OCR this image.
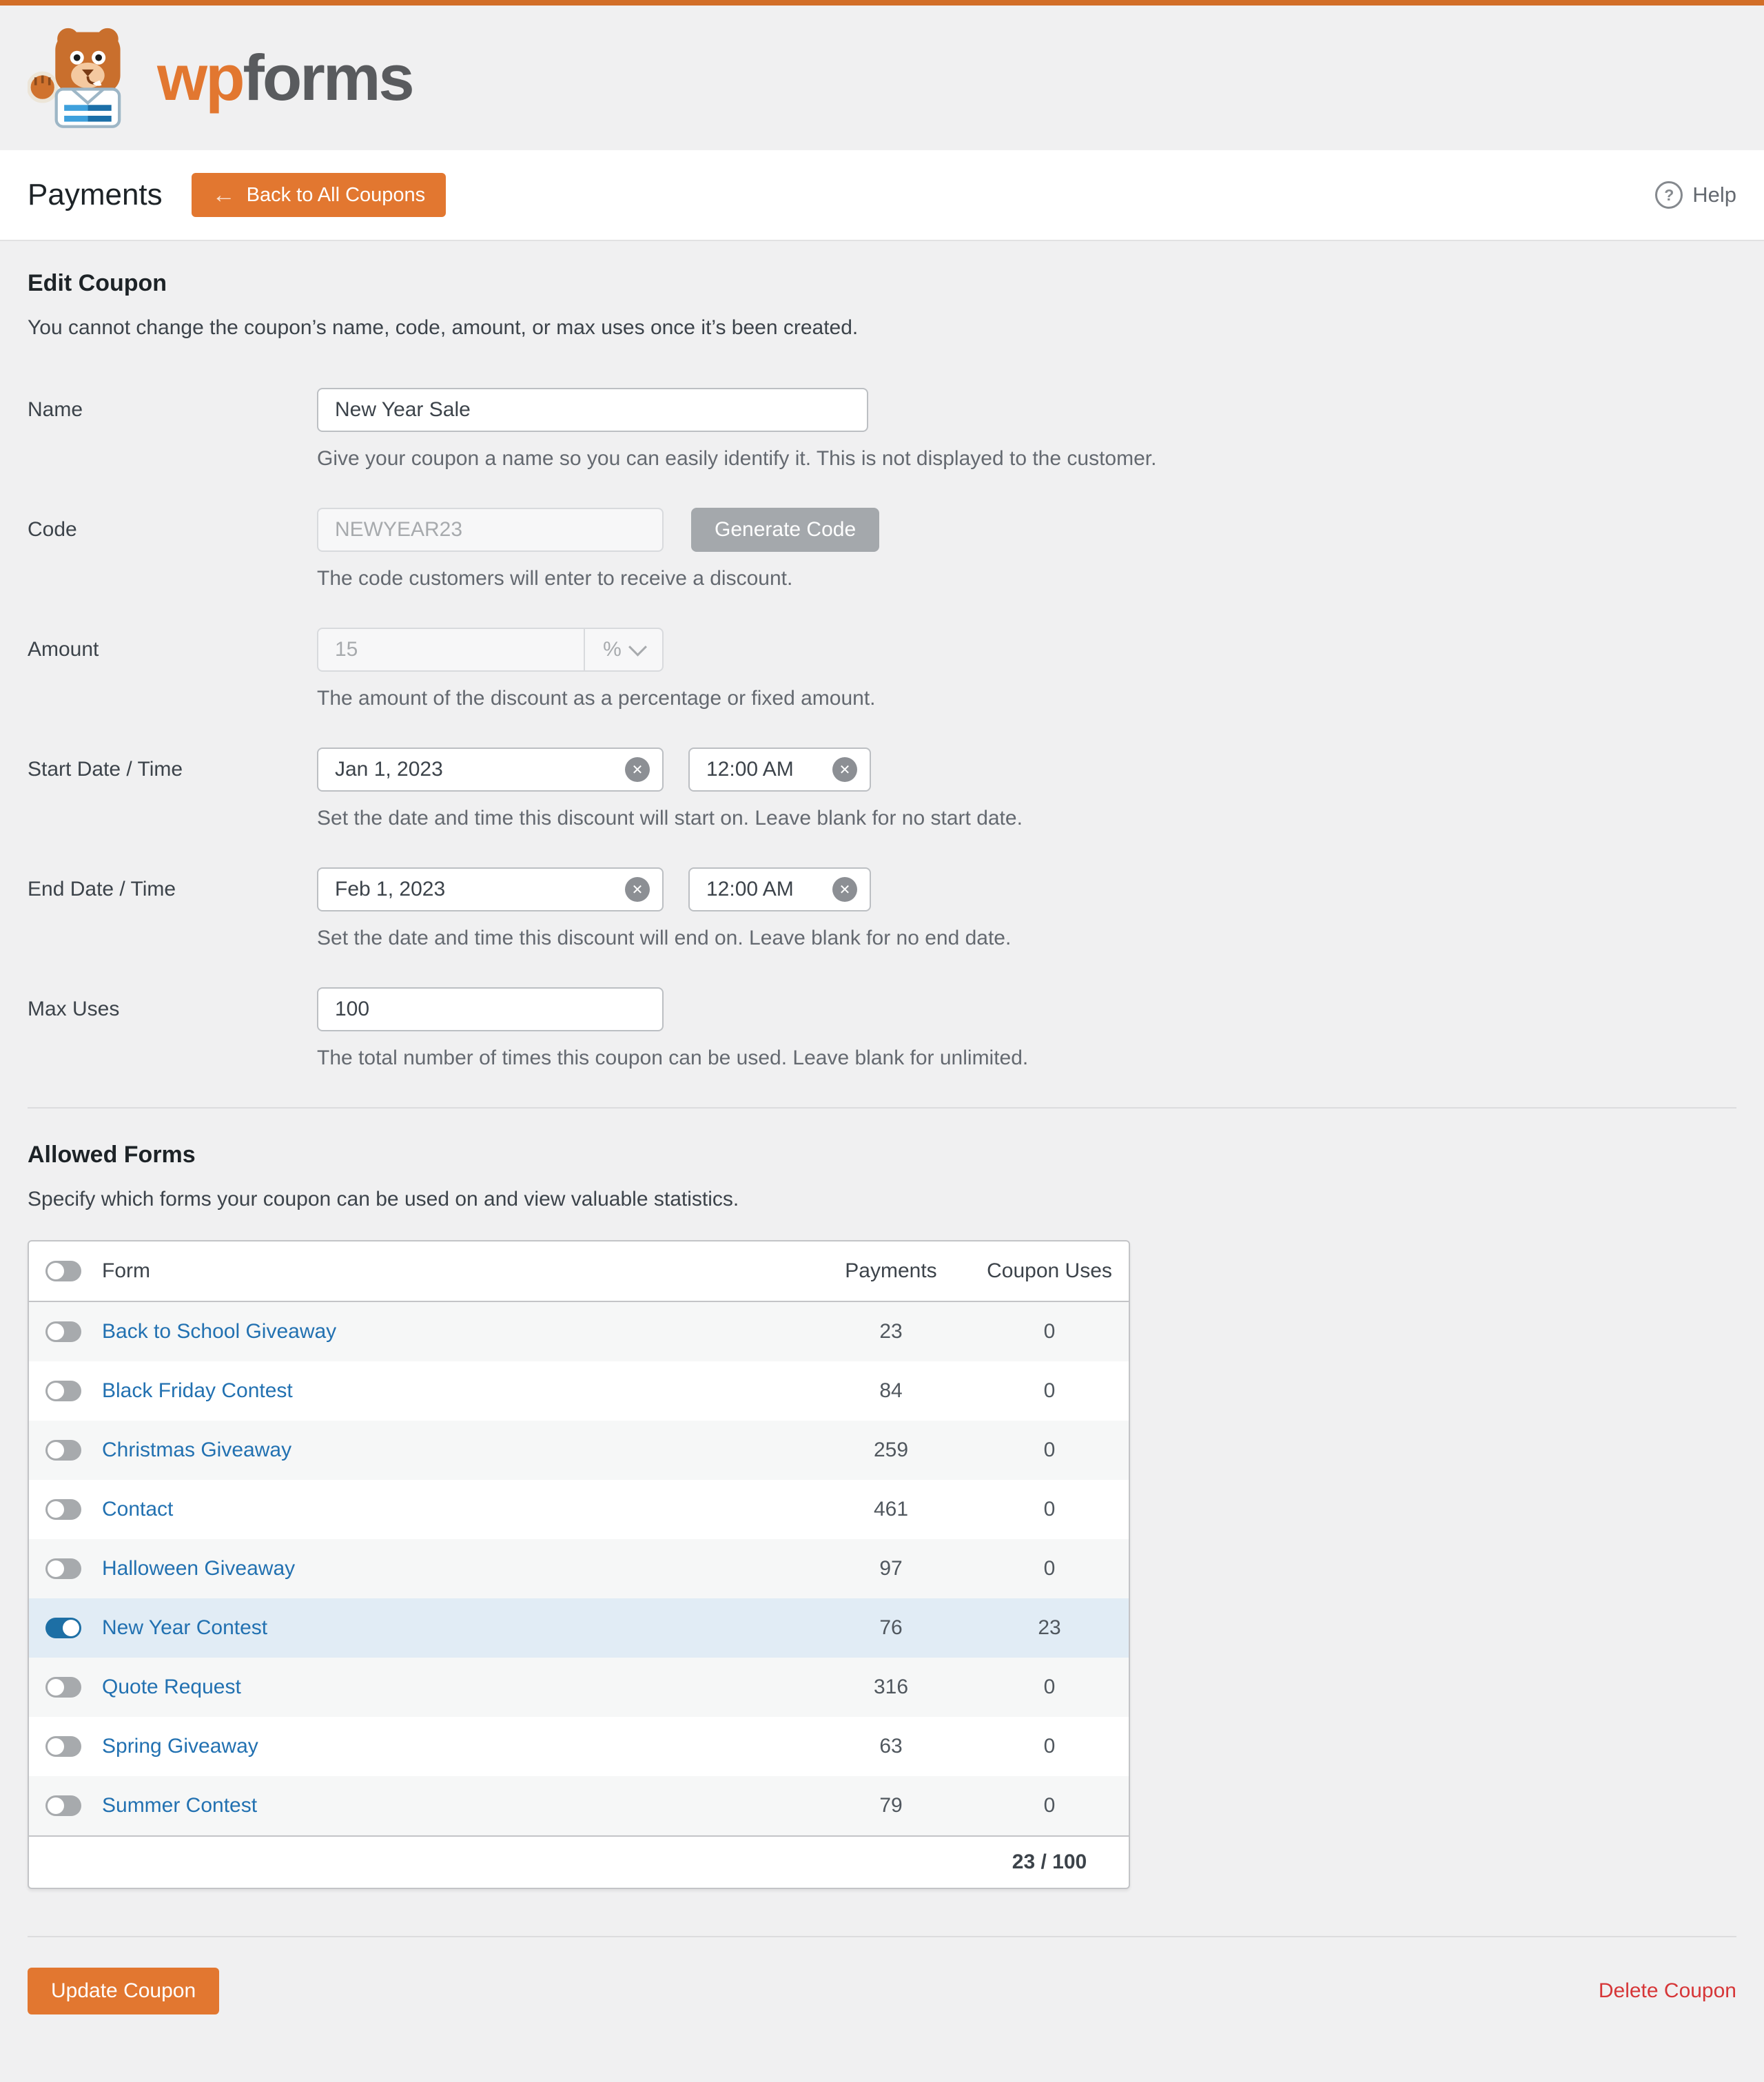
wpforms
Payments ← Back to All Coupons	? Help
Edit Coupon

You cannot change the coupon’s name, code, amount, or max uses once it’s been created.

Name
New Year Sale
Give your coupon a name so you can easily identify it. This is not displayed to the customer.
Code
NEWYEAR23	Generate Code
The code customers will enter to receive a discount.
Amount
15	%
The amount of the discount as a percentage or fixed amount.
Start Date / Time
Jan 1, 2023	✕
12:00 AM	✕
Set the date and time this discount will start on. Leave blank for no start date.
End Date / Time
Feb 1, 2023	✕
12:00 AM	✕
Set the date and time this discount will end on. Leave blank for no end date.
Max Uses
100
The total number of times this coupon can be used. Leave blank for unlimited.
Allowed Forms

Specify which forms your coupon can be used on and view valuable statistics.

Form	Payments	Coupon Uses
Back to School Giveaway	23	0
Black Friday Contest	84	0
Christmas Giveaway	259	0
Contact	461	0
Halloween Giveaway	97	0
New Year Contest	76	23
Quote Request	316	0
Spring Giveaway	63	0
Summer Contest	79	0
23 / 100
Update Coupon	Delete Coupon
